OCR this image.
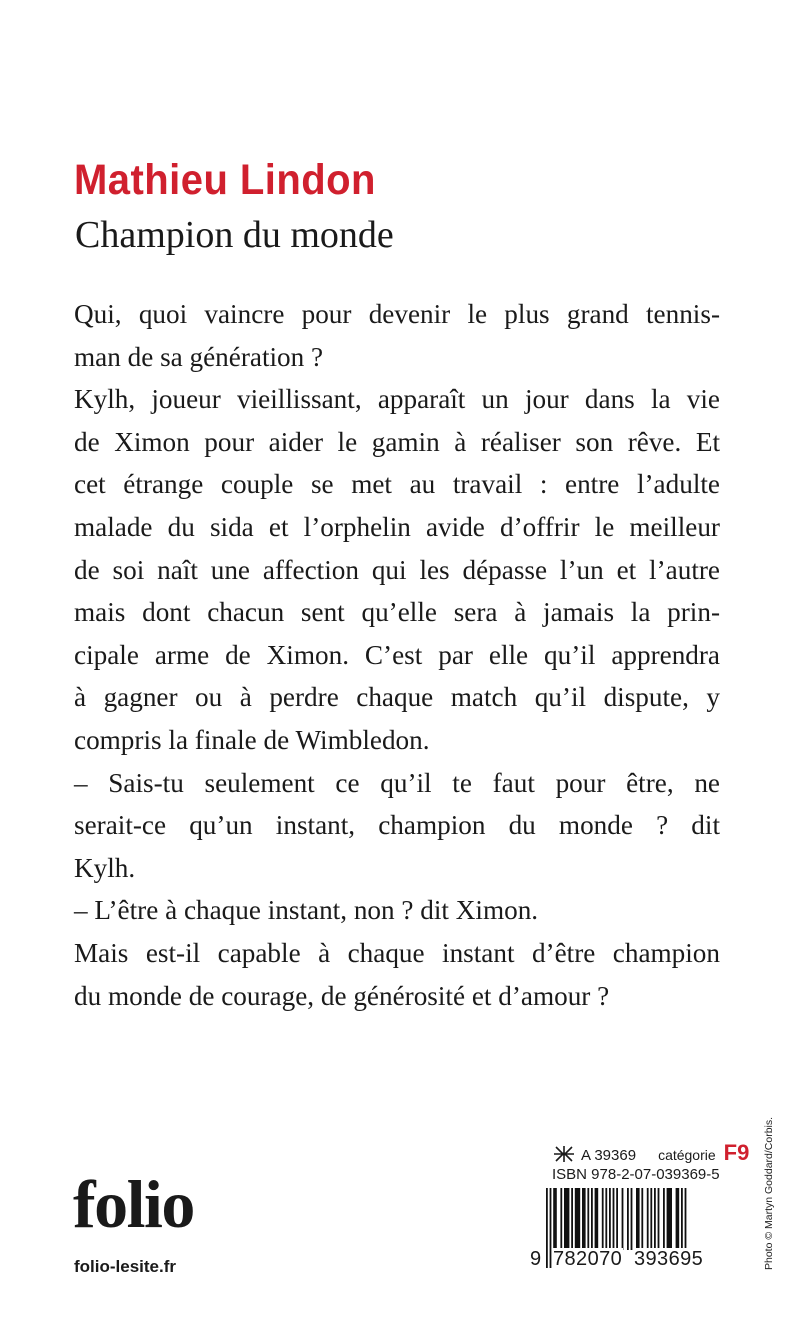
Mathieu Lindon
Champion du monde
Qui, quoi vaincre pour devenir le plus grand tennis-
man de sa génération ?
Kylh, joueur vieillissant, apparaît un jour dans la vie
de Ximon pour aider le gamin à réaliser son rêve. Et
cet étrange couple se met au travail : entre l’adulte
malade du sida et l’orphelin avide d’offrir le meilleur
de soi naît une affection qui les dépasse l’un et l’autre
mais dont chacun sent qu’elle sera à jamais la prin-
cipale arme de Ximon. C’est par elle qu’il apprendra
à gagner ou à perdre chaque match qu’il dispute, y
compris la finale de Wimbledon.
– Sais-tu seulement ce qu’il te faut pour être, ne
serait-ce qu’un instant, champion du monde ? dit
Kylh.
– L’être à chaque instant, non ? dit Ximon.
Mais est-il capable à chaque instant d’être champion
du monde de courage, de générosité et d’amour ?
Photo © Martyn Goddard/Corbis.
A 39369 catégorie F9
ISBN 978-2-07-039369-5
9 782070 393695
folio
folio-lesite.fr
